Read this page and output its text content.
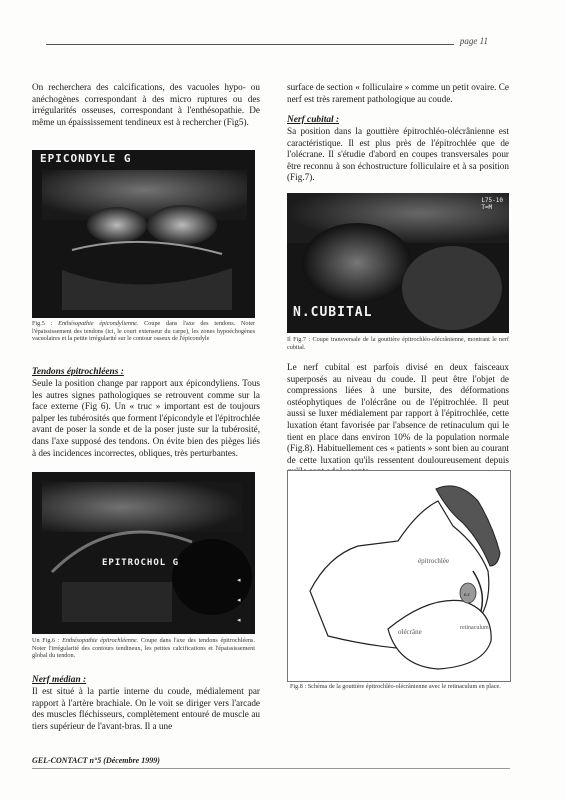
page 11

On recherchera des calcifications, des vacuoles hypo- ou anéchogènes correspondant à des micro ruptures ou des irrégularités osseuses, correspondant à l'enthésopathie. De même un épaississement tendineux est à rechercher (Fig5).

EPICONDYLE G
Fig.5 : Enthésopathie épicondylienne. Coupe dans l'axe des tendons. Noter l'épaississement des tendons (ici, le court extenseur du carpe), les zones hypoéchogènes vacuolaires et la petite irrégularité sur le contour osseux de l'épicondyle
Tendons épitrochléens :

Seule la position change par rapport aux épicondyliens. Tous les autres signes pathologiques se retrouvent comme sur la face externe (Fig 6). Un « truc » important est de toujours palper les tubérosités que forment l'épicondyle et l'épitrochlée avant de poser la sonde et de la poser juste sur la tubérosité, dans l'axe supposé des tendons. On évite bien des pièges liés à des incidences incorrectes, obliques, très perturbantes.

◂
◂
◂
EPITROCHOL G
Un Fig.6 : Enthésopathie épitrochléenne. Coupe dans l'axe des tendons épitrochléens. Noter l'irrégularité des contours tendineux, les petites calcifications et l'épaississement global du tendon.
Nerf médian :

Il est situé à la partie interne du coude, médialement par rapport à l'artère brachiale. On le voit se diriger vers l'arcade des muscles fléchisseurs, complètement entouré de muscle au tiers supérieur de l'avant-bras. Il a une

GEL-CONTACT n°5 (Décembre 1999)

surface de section « folliculaire » comme un petit ovaire. Ce nerf est très rarement pathologique au coude.

Nerf cubital :

Sa position dans la gouttière épitrochléo-olécrânienne est caractéristique. Il est plus près de l'épitrochlée que de l'olécrane. Il s'étudie d'abord en coupes transversales pour être reconnu à son échostructure folliculaire et à sa position (Fig.7).

L75-10
T=M
N.CUBITAL
Il Fig.7 : Coupe transversale de la gouttière épitrochléo-olécrânienne, montrant le nerf cubital.

Le nerf cubital est parfois divisé en deux faisceaux superposés au niveau du coude. Il peut être l'objet de compressions liées à une bursite, des déformations ostéophytiques de l'olécrâne ou de l'épitrochlée. Il peut aussi se luxer médialement par rapport à l'épitrochlée, cette luxation étant favorisée par l'absence de retinaculum qui le tient en place dans environ 10% de la population normale (Fig.8). Habituellement ces « patients » sont bien au courant de cette luxation qu'ils ressentent douloureusement depuis

n.c
épitrochlée
olécrâne	retinaculum
Fig.8 : Schéma de la gouttière épitrochléo-olécrânienne avec le retinaculum en place.
